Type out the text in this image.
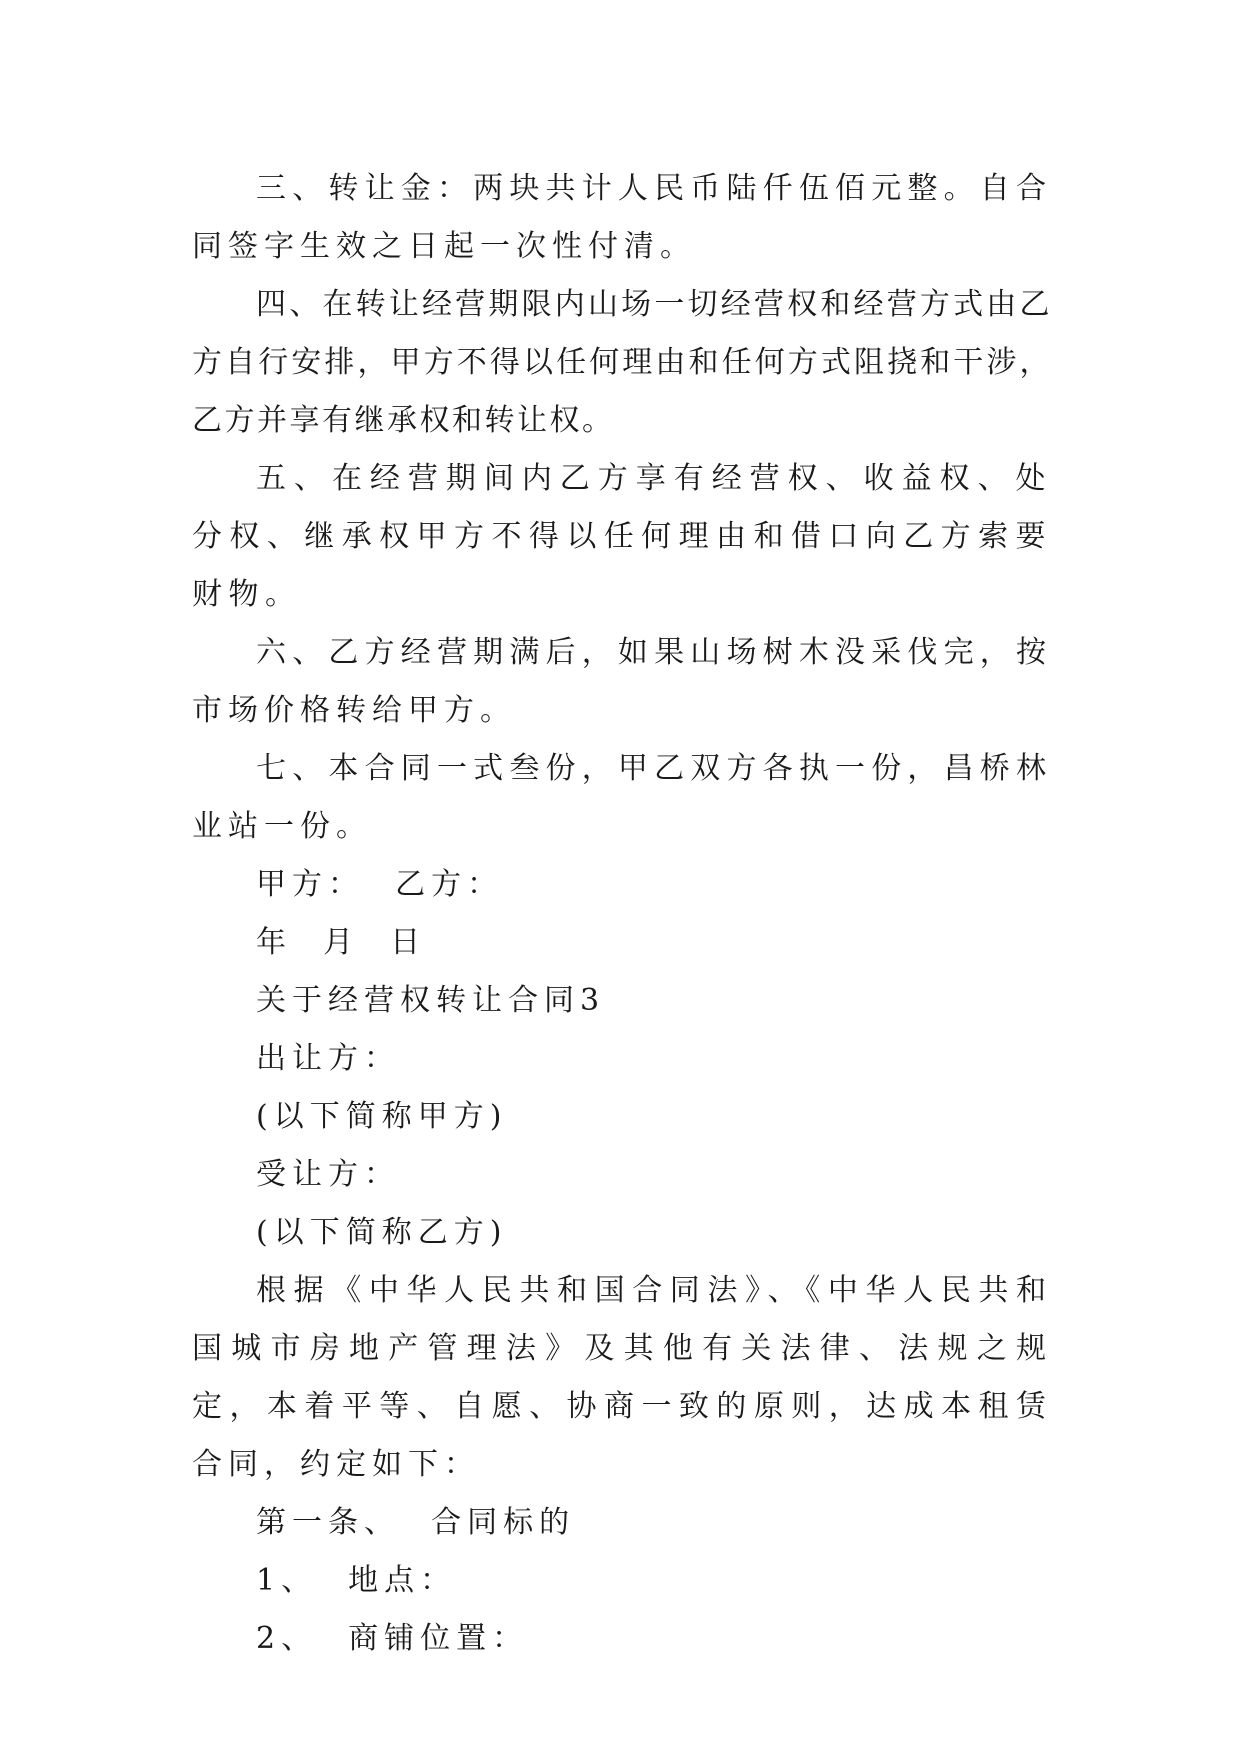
三、转让金：两块共计人民币陆仟伍佰元整。自合同签字生效之日起一次性付清。

四、在转让经营期限内山场一切经营权和经营方式由乙方自行安排，甲方不得以任何理由和任何方式阻挠和干涉，乙方并享有继承权和转让权。

五、在经营期间内乙方享有经营权、收益权、处分权、继承权甲方不得以任何理由和借口向乙方索要财物。

六、乙方经营期满后，如果山场树木没采伐完，按市场价格转给甲方。

七、本合同一式叁份，甲乙双方各执一份，昌桥林业站一份。

甲方：  乙方：

年  月  日

关于经营权转让合同3

出让方：

(以下简称甲方)

受让方：

(以下简称乙方)

根据《中华人民共和国合同法》、《中华人民共和国城市房地产管理法》及其他有关法律、法规之规定，本着平等、自愿、协商一致的原则，达成本租赁合同，约定如下：

第一条、  合同标的

1、  地点：

2、  商铺位置：
